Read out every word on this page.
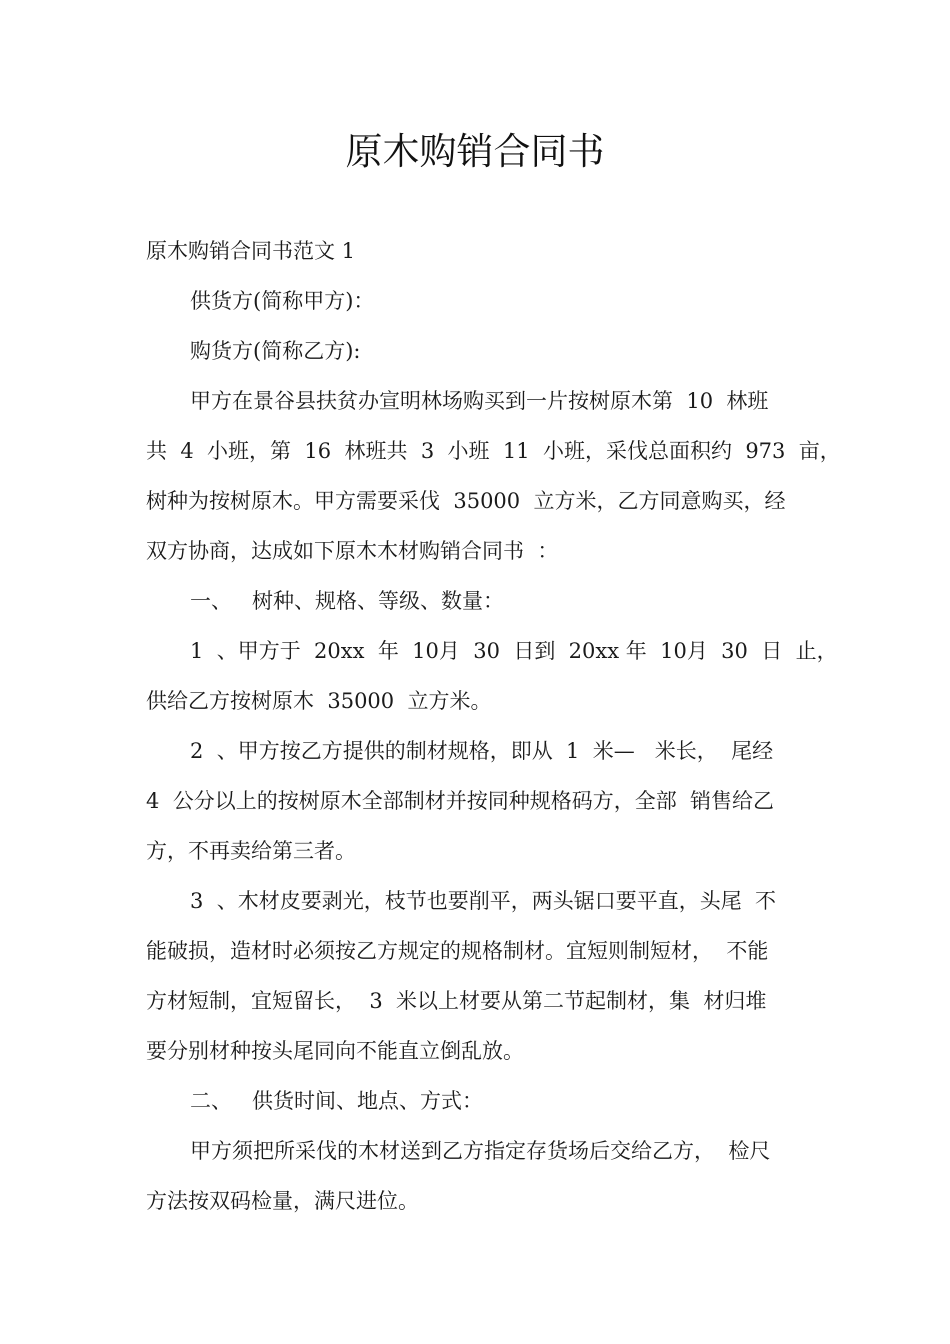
原木购销合同书
原木购销合同书范文 1
供货方(简称甲方)：
购货方(简称乙方):
甲方在景谷县扶贫办宣明林场购买到一片按树原木第  10  林班
共  4  小班，第  16  林班共  3  小班  11  小班，采伐总面积约  973  亩，
树种为按树原木。甲方需要采伐  35000  立方米，乙方同意购买，经
双方协商，达成如下原木木材购销合同书  ：
一、   树种、规格、等级、数量：
1  、甲方于  20xx  年  10月  30  日到  20xx 年  10月  30  日  止，
供给乙方按树原木  35000  立方米。
2  、甲方按乙方提供的制材规格，即从  1  米—   米长，  尾经
4  公分以上的按树原木全部制材并按同种规格码方，全部  销售给乙
方，不再卖给第三者。
3  、木材皮要剥光，枝节也要削平，两头锯口要平直，头尾  不
能破损，造材时必须按乙方规定的规格制材。宜短则制短材，  不能
方材短制，宜短留长，  3  米以上材要从第二节起制材，集  材归堆
要分别材种按头尾同向不能直立倒乱放。
二、   供货时间、地点、方式：
甲方须把所采伐的木材送到乙方指定存货场后交给乙方，  检尺
方法按双码检量，满尺进位。
